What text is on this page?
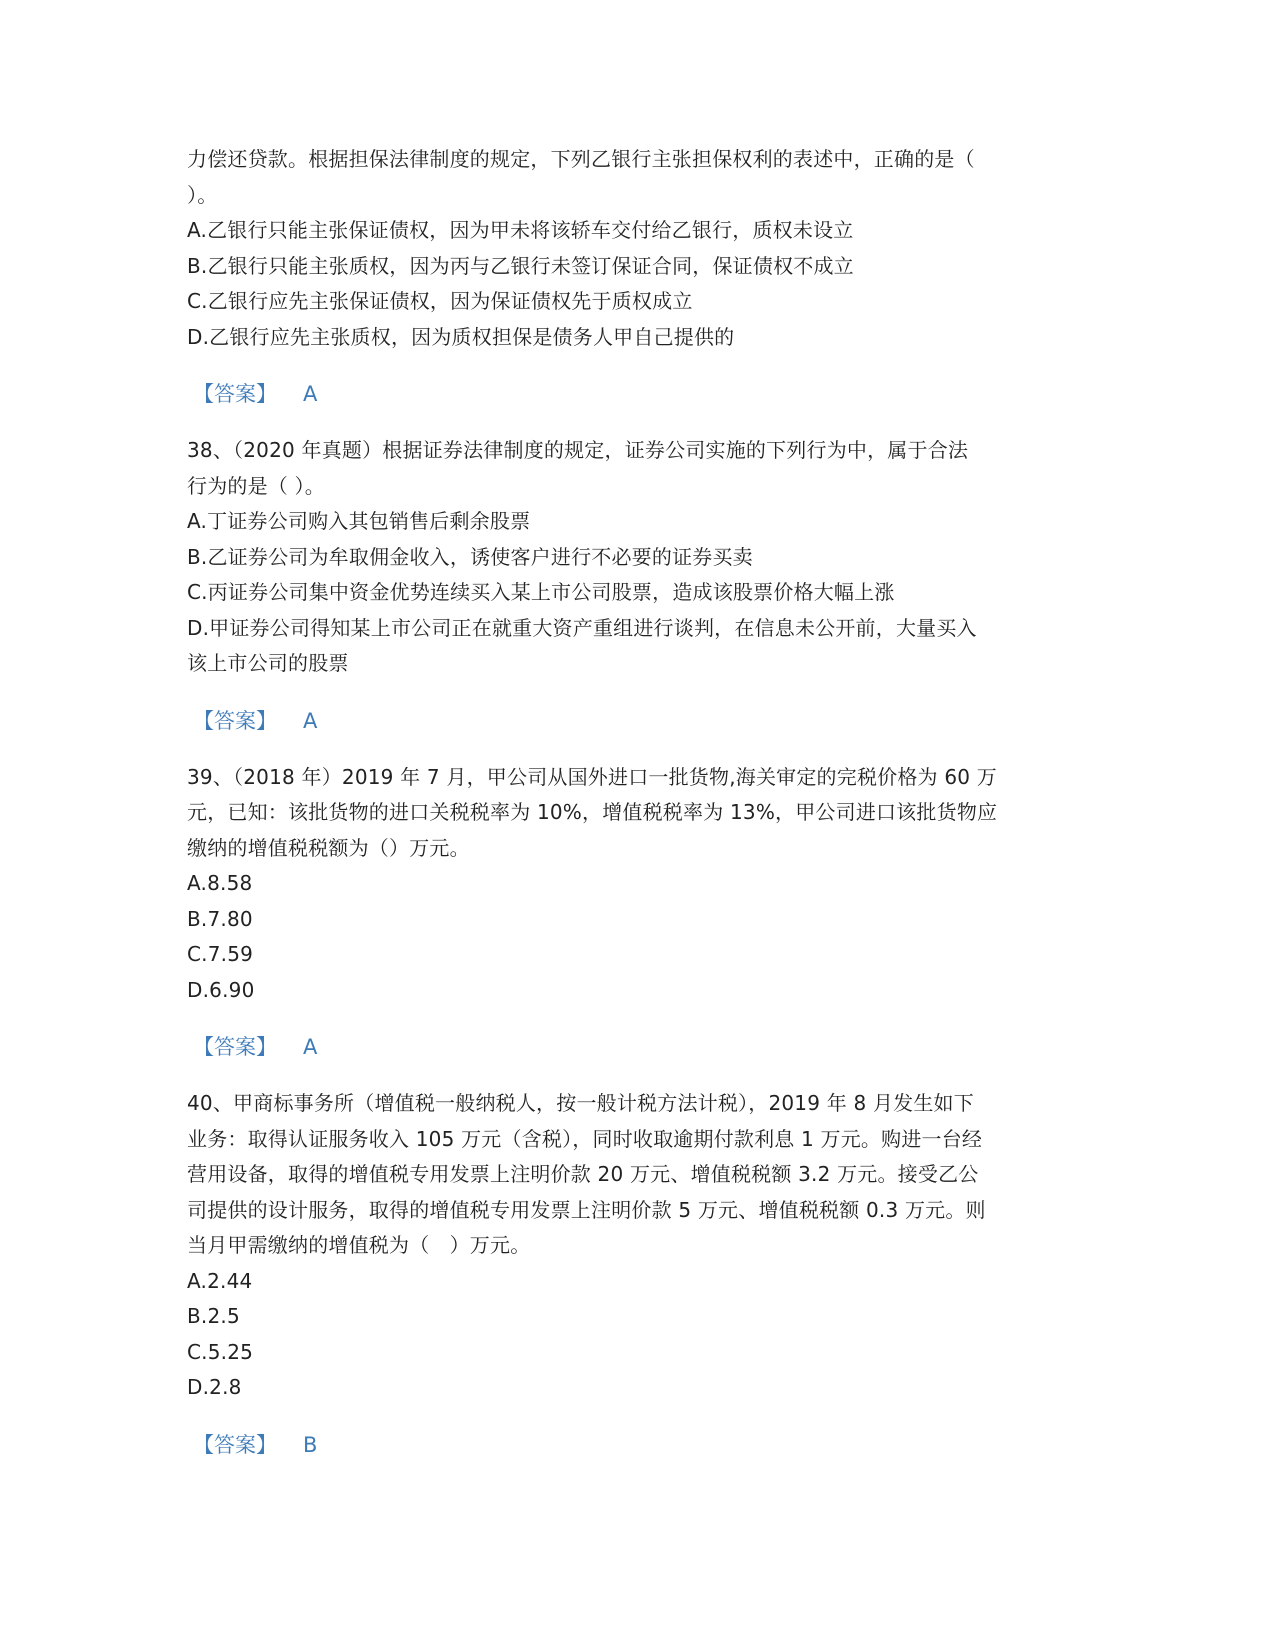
力偿还贷款。根据担保法律制度的规定，下列乙银行主张担保权利的表述中，正确的是（
）。
A.乙银行只能主张保证债权，因为甲未将该轿车交付给乙银行，质权未设立
B.乙银行只能主张质权，因为丙与乙银行未签订保证合同，保证债权不成立
C.乙银行应先主张保证债权，因为保证债权先于质权成立
D.乙银行应先主张质权，因为质权担保是债务人甲自己提供的
【答案】 A
38、（2020 年真题）根据证券法律制度的规定，证券公司实施的下列行为中，属于合法
行为的是（ ）。
A.丁证券公司购入其包销售后剩余股票
B.乙证券公司为牟取佣金收入，诱使客户进行不必要的证券买卖
C.丙证券公司集中资金优势连续买入某上市公司股票，造成该股票价格大幅上涨
D.甲证券公司得知某上市公司正在就重大资产重组进行谈判，在信息未公开前，大量买入
该上市公司的股票
【答案】 A
39、（2018 年）2019 年 7 月，甲公司从国外进口一批货物,海关审定的完税价格为 60 万
元，已知：该批货物的进口关税税率为 10%，增值税税率为 13%，甲公司进口该批货物应
缴纳的增值税税额为（）万元。
A.8.58
B.7.80
C.7.59
D.6.90
【答案】 A
40、甲商标事务所（增值税一般纳税人，按一般计税方法计税），2019 年 8 月发生如下
业务：取得认证服务收入 105 万元（含税），同时收取逾期付款利息 1 万元。购进一台经
营用设备，取得的增值税专用发票上注明价款 20 万元、增值税税额 3.2 万元。接受乙公
司提供的设计服务，取得的增值税专用发票上注明价款 5 万元、增值税税额 0.3 万元。则
当月甲需缴纳的增值税为（　）万元。
A.2.44
B.2.5
C.5.25
D.2.8
【答案】 B
